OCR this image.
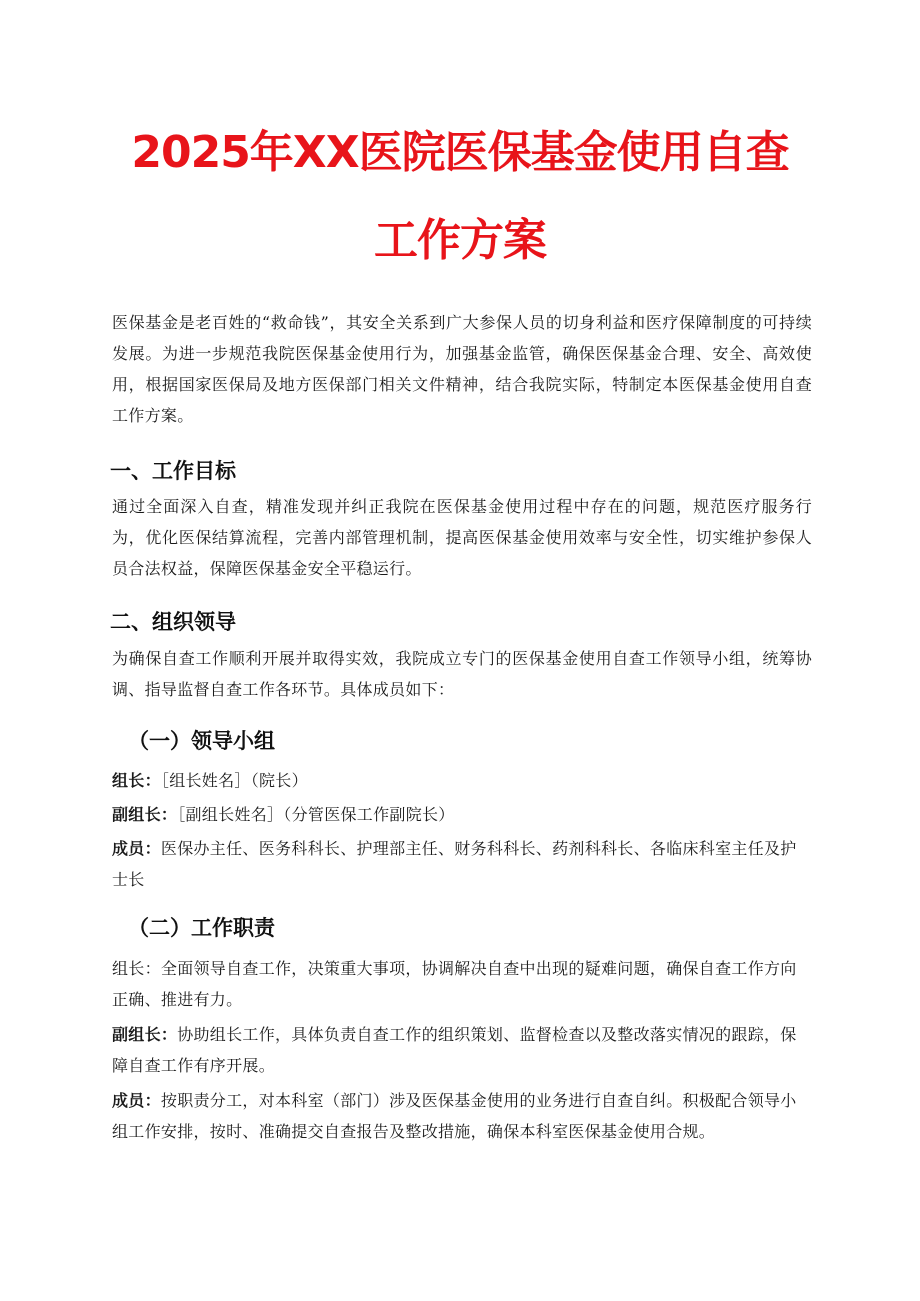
2025年XX医院医保基金使用自查
工作方案

医保基金是老百姓的“救命钱”，其安全关系到广大参保人员的切身利益和医疗保障制度的可持续发展。为进一步规范我院医保基金使用行为，加强基金监管，确保医保基金合理、安全、高效使用，根据国家医保局及地方医保部门相关文件精神，结合我院实际，特制定本医保基金使用自查工作方案。

一、工作目标

通过全面深入自查，精准发现并纠正我院在医保基金使用过程中存在的问题，规范医疗服务行为，优化医保结算流程，完善内部管理机制，提高医保基金使用效率与安全性，切实维护参保人员合法权益，保障医保基金安全平稳运行。

二、组织领导

为确保自查工作顺利开展并取得实效，我院成立专门的医保基金使用自查工作领导小组，统筹协调、指导监督自查工作各环节。具体成员如下：

（一）领导小组

组长：［组长姓名］（院长）

副组长：［副组长姓名］（分管医保工作副院长）

成员：医保办主任、医务科科长、护理部主任、财务科科长、药剂科科长、各临床科室主任及护士长

（二）工作职责

组长：全面领导自查工作，决策重大事项，协调解决自查中出现的疑难问题，确保自查工作方向正确、推进有力。

副组长：协助组长工作，具体负责自查工作的组织策划、监督检查以及整改落实情况的跟踪，保障自查工作有序开展。

成员：按职责分工，对本科室（部门）涉及医保基金使用的业务进行自查自纠。积极配合领导小组工作安排，按时、准确提交自查报告及整改措施，确保本科室医保基金使用合规。
